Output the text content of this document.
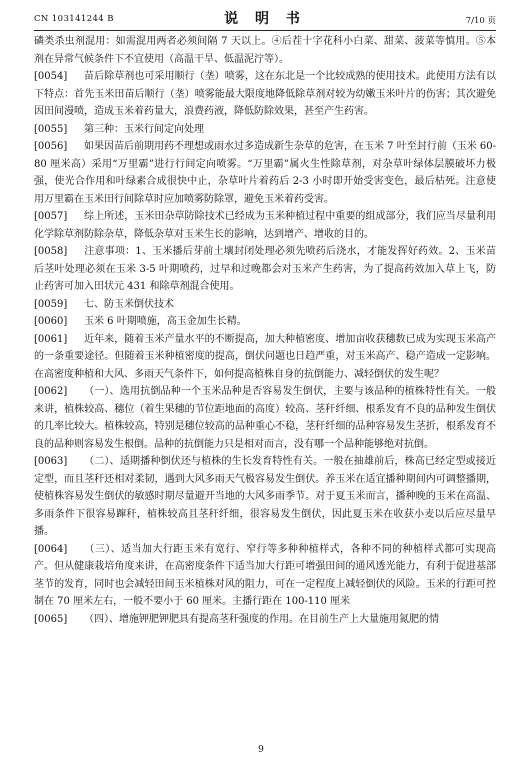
CN 103141244 B	说 明 书	7/10 页

磷类杀虫剂混用：如需混用两者必须间隔 7 天以上。④后茬十字花科小白菜、甜菜、菠菜等慎用。⑤本剂在异常气候条件下不宜使用（高温干旱、低温泥泞等）。

[0054] 苗后除草剂也可采用顺行（垄）喷雾，这在东北是一个比较成熟的使用技术。此使用方法有以下特点：首先玉米田苗后顺行（垄）喷雾能最大限度地降低除草剂对较为幼嫩玉米叶片的伤害；其次避免因田间漫喷，造成玉米着药量大，浪费药液，降低防除效果，甚至产生药害。

[0055] 第三种：玉米行间定向处理

[0056] 如果因苗后前期用药不理想或雨水过多造成新生杂草的危害，在玉米 7 叶至封行前（玉米 60-80 厘米高）采用“万里霸”进行行间定向喷雾。“万里霸”属火生性除草剂，对杂草叶绿体层膜破坏力极强，使光合作用和叶绿素合成很快中止，杂草叶片着药后 2-3 小时即开始受害变色，最后枯死。注意使用万里霸在玉米田行间除草时应加喷雾防除罩，避免玉米着药受害。

[0057] 综上所述，玉米田杂草防除技术已经成为玉米种植过程中重要的组成部分，我们应当尽量利用化学除草剂防除杂草，降低杂草对玉米生长的影响，达到增产、增收的目的。

[0058] 注意事项：1、玉米播后芽前土壤封闭处理必须先喷药后浇水，才能发挥好药效。2、玉米苗后茎叶处理必须在玉米 3-5 叶期喷药，过早和过晚都会对玉米产生药害，为了提高药效加入草上飞，防止药害可加入田状元 431 和除草剂混合使用。

[0059] 七、防玉米倒伏技术

[0060] 玉米 6 叶期喷施，高玉金加生长精。

[0061] 近年来，随着玉米产量水平的不断提高，加大种植密度、增加亩收获穗数已成为实现玉米高产的一条重要途径。但随着玉米种植密度的提高，倒伏问题也日趋严重，对玉米高产、稳产造成一定影响。在高密度种植和大风、多雨天气条件下，如何提高植株自身的抗倒能力、减轻倒伏的发生呢？

[0062] （一）、选用抗倒品种一个玉米品种是否容易发生倒伏，主要与该品种的植株特性有关。一般来讲，植株较高、穗位（着生果穗的节位距地面的高度）较高、茎秆纤细、根系发育不良的品种发生倒伏的几率比较大。植株较高，特别是穗位较高的品种重心不稳，茎秆纤细的品种容易发生茎折，根系发育不良的品种则容易发生根倒。品种的抗倒能力只是相对而言，没有哪一个品种能够绝对抗倒。

[0063] （二）、适期播种倒伏还与植株的生长发育特性有关。一般在抽雄前后，株高已经定型或接近定型，而且茎秆还相对柔韧，遇到大风多雨天气极容易发生倒伏。养玉米在适宜播种期间内可调整播期，使植株容易发生倒伏的敏感时期尽量避开当地的大风多雨季节。对于夏玉米而言，播种晚的玉米在高温、多雨条件下很容易蹿秆，植株较高且茎秆纤细，很容易发生倒伏，因此夏玉米在收获小麦以后应尽量早播。

[0064] （三）、适当加大行距玉米有宽行、窄行等多种种植样式，各种不同的种植样式都可实现高产。但从健康栽培角度来讲，在高密度条件下适当加大行距可增强田间的通风透光能力，有利于促进基部茎节的发育，同时也会减轻田间玉米植株对风的阻力，可在一定程度上减轻倒伏的风险。玉米的行距可控制在 70 厘米左右，一般不要小于 60 厘米。主播行距在 100-110 厘米

[0065] （四）、增施钾肥钾肥具有提高茎秆强度的作用。在目前生产上大量施用氮肥的情

9
